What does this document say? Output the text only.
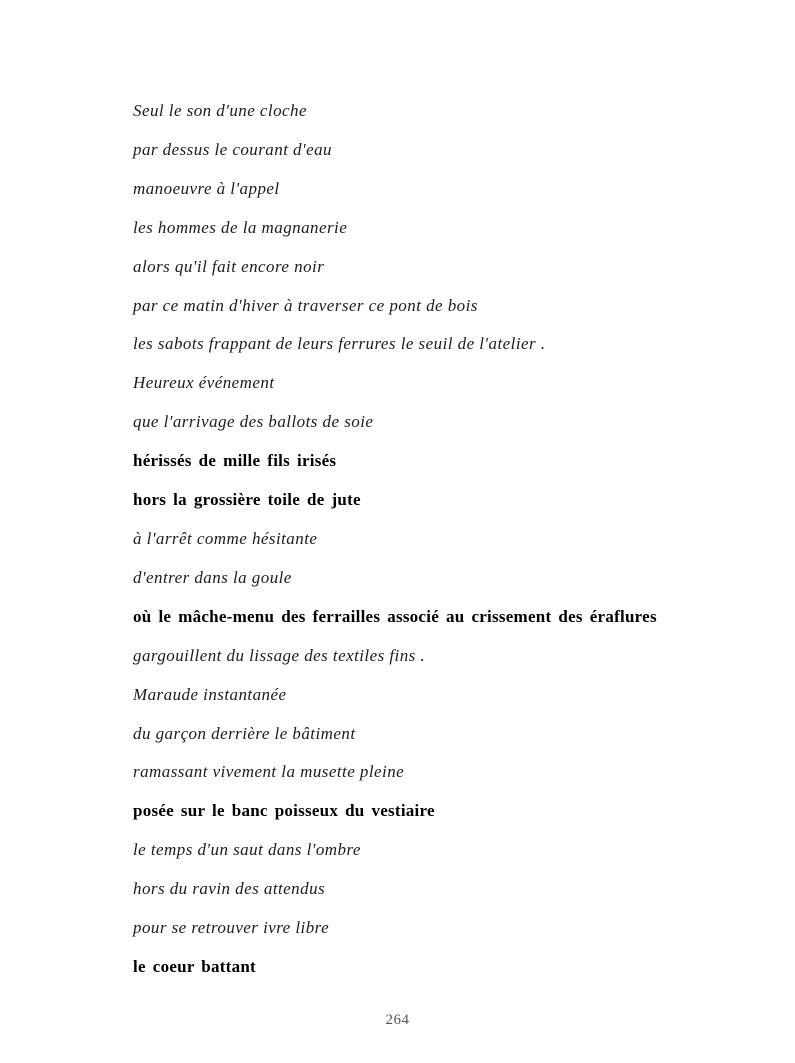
Seul le son d'une cloche

par dessus le courant d'eau

manoeuvre à l'appel

les hommes de la magnanerie

alors qu'il fait encore noir

par ce matin d'hiver à traverser ce pont de bois

les sabots frappant de leurs ferrures le seuil de l'atelier .

Heureux événement

que l'arrivage des ballots de soie

hérissés de mille fils irisés

hors la grossière toile de jute

à l'arrêt comme hésitante

d'entrer dans la goule

où le mâche-menu des ferrailles associé au crissement des éraflures

gargouillent du lissage des textiles fins .

Maraude instantanée

du garçon derrière le bâtiment

ramassant vivement la musette pleine

posée sur le banc poisseux du vestiaire

le temps d'un saut dans l'ombre

hors du ravin des attendus

pour se retrouver ivre libre

le coeur battant

264
